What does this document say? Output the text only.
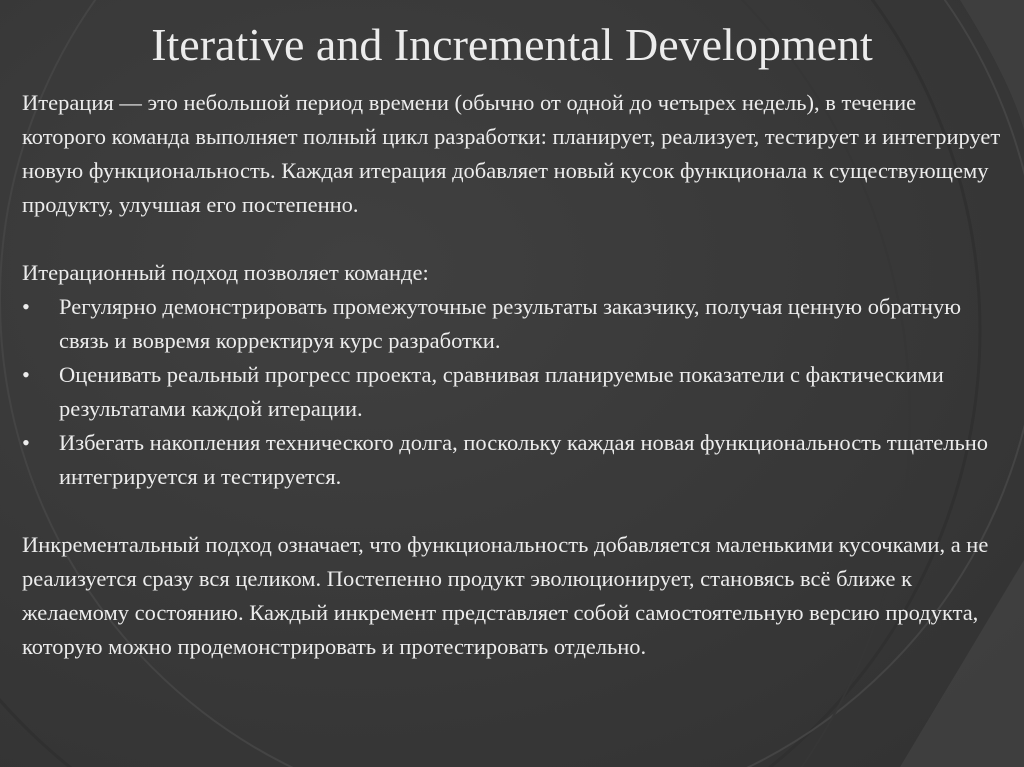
Iterative and Incremental Development

Итерация — это небольшой период времени (обычно от одной до четырех недель), в течение которого команда выполняет полный цикл разработки: планирует, реализует, тестирует и интегрирует новую функциональность. Каждая итерация добавляет новый кусок функционала к существующему продукту, улучшая его постепенно.

Итерационный подход позволяет команде:

• Регулярно демонстрировать промежуточные результаты заказчику, получая ценную обратную связь и вовремя корректируя курс разработки.
• Оценивать реальный прогресс проекта, сравнивая планируемые показатели с фактическими результатами каждой итерации.
• Избегать накопления технического долга, поскольку каждая новая функциональность тщательно интегрируется и тестируется.

Инкрементальный подход означает, что функциональность добавляется маленькими кусочками, а не реализуется сразу вся целиком. Постепенно продукт эволюционирует, становясь всё ближе к желаемому состоянию. Каждый инкремент представляет собой самостоятельную версию продукта, которую можно продемонстрировать и протестировать отдельно.
